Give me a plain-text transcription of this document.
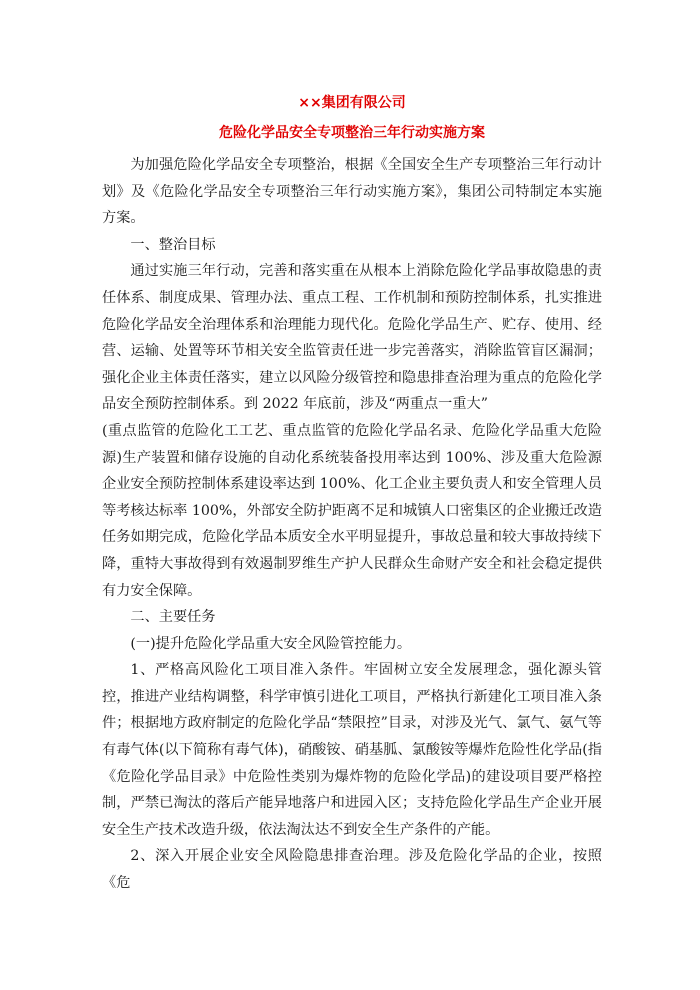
××集团有限公司
危险化学品安全专项整治三年行动实施方案

为加强危险化学品安全专项整治，根据《全国安全生产专项整治三年行动计划》及《危险化学品安全专项整治三年行动实施方案》，集团公司特制定本实施方案。

一、整治目标

通过实施三年行动，完善和落实重在从根本上消除危险化学品事故隐患的责任体系、制度成果、管理办法、重点工程、工作机制和预防控制体系，扎实推进危险化学品安全治理体系和治理能力现代化。危险化学品生产、贮存、使用、经营、运输、处置等环节相关安全监管责任进一步完善落实，消除监管盲区漏洞；强化企业主体责任落实，建立以风险分级管控和隐患排查治理为重点的危险化学品安全预防控制体系。到 2022 年底前，涉及“两重点一重大”

(重点监管的危险化工工艺、重点监管的危险化学品名录、危险化学品重大危险源)生产装置和储存设施的自动化系统装备投用率达到 100%、涉及重大危险源企业安全预防控制体系建设率达到 100%、化工企业主要负责人和安全管理人员等考核达标率 100%，外部安全防护距离不足和城镇人口密集区的企业搬迁改造任务如期完成，危险化学品本质安全水平明显提升，事故总量和较大事故持续下降，重特大事故得到有效遏制罗维生产护人民群众生命财产安全和社会稳定提供有力安全保障。

二、主要任务

(一)提升危险化学品重大安全风险管控能力。

1、严格高风险化工项目准入条件。牢固树立安全发展理念，强化源头管控，推进产业结构调整，科学审慎引进化工项目，严格执行新建化工项目准入条件；根据地方政府制定的危险化学品“禁限控”目录，对涉及光气、氯气、氨气等有毒气体(以下简称有毒气体)，硝酸铵、硝基胍、氯酸铵等爆炸危险性化学品(指《危险化学品目录》中危险性类别为爆炸物的危险化学品)的建设项目要严格控制，严禁已淘汰的落后产能异地落户和进园入区；支持危险化学品生产企业开展安全生产技术改造升级，依法淘汰达不到安全生产条件的产能。

2、深入开展企业安全风险隐患排查治理。涉及危险化学品的企业，按照《危
